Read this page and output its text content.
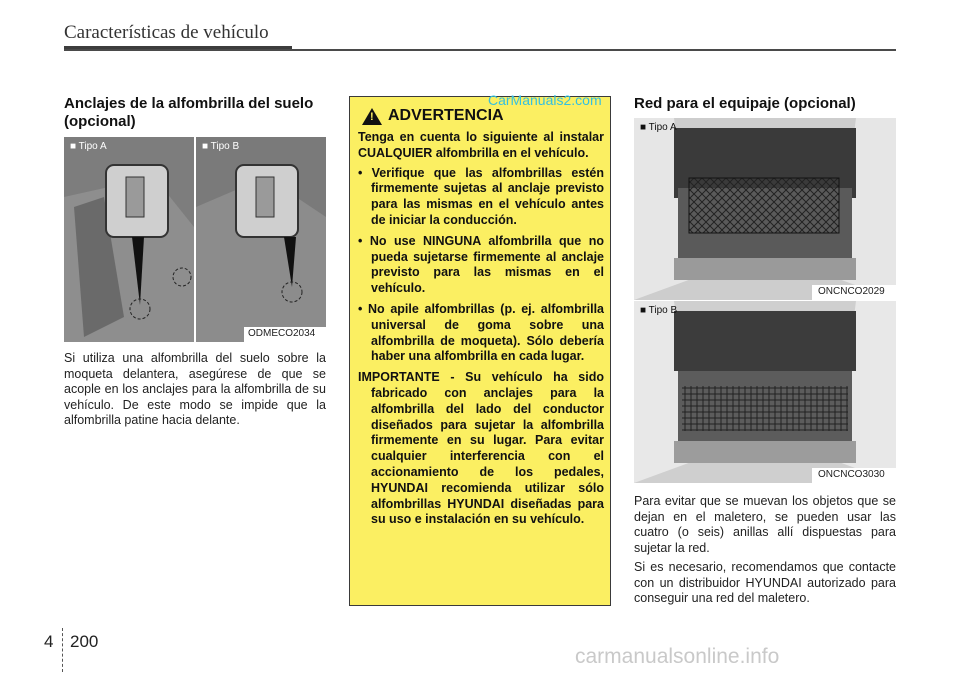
Características de vehículo
Anclajes de la alfombrilla del suelo (opcional)
■ Tipo A
■	Tipo B
ODMECO2034
Si utiliza una alfombrilla del suelo sobre la moqueta delantera, asegúrese de que se acople en los anclajes para la alfombrilla de su vehículo. De este modo se impide que la alfombrilla patine hacia delante.
!
ADVERTENCIA

Tenga en cuenta lo siguiente al instalar CUALQUIER alfombrilla en el vehículo.

• Verifique que las alfombrillas estén firmemente sujetas al anclaje previsto para las mismas en el vehículo antes de iniciar la conducción.

• No use NINGUNA alfombrilla que no pueda sujetarse firmemente al anclaje previsto para las mismas en el vehículo.

• No apile alfombrillas (p. ej. alfombrilla universal de goma sobre una alfombrilla de moqueta). Sólo debería haber una alfombrilla en cada lugar.

IMPORTANTE - Su vehículo ha sido fabricado con anclajes para la alfombrilla del lado del conductor diseñados para sujetar la alfombrilla firmemente en su lugar. Para evitar cualquier interferencia con el accionamiento de los pedales, HYUNDAI recomienda utilizar sólo alfombrillas HYUNDAI diseñadas para su uso e instalación en su vehículo.

CarManuals2.com Red para el equipaje (opcional)
■ Tipo A
ONCNCO2029
■ Tipo B
ONCNCO3030
Para evitar que se muevan los objetos que se dejan en el maletero, se pueden usar las cuatro (o seis) anillas allí dispuestas para sujetar la red.
Si es necesario, recomendamos que contacte con un distribuidor HYUNDAI autorizado para conseguir una red del maletero.
4 200
carmanualsonline.info
